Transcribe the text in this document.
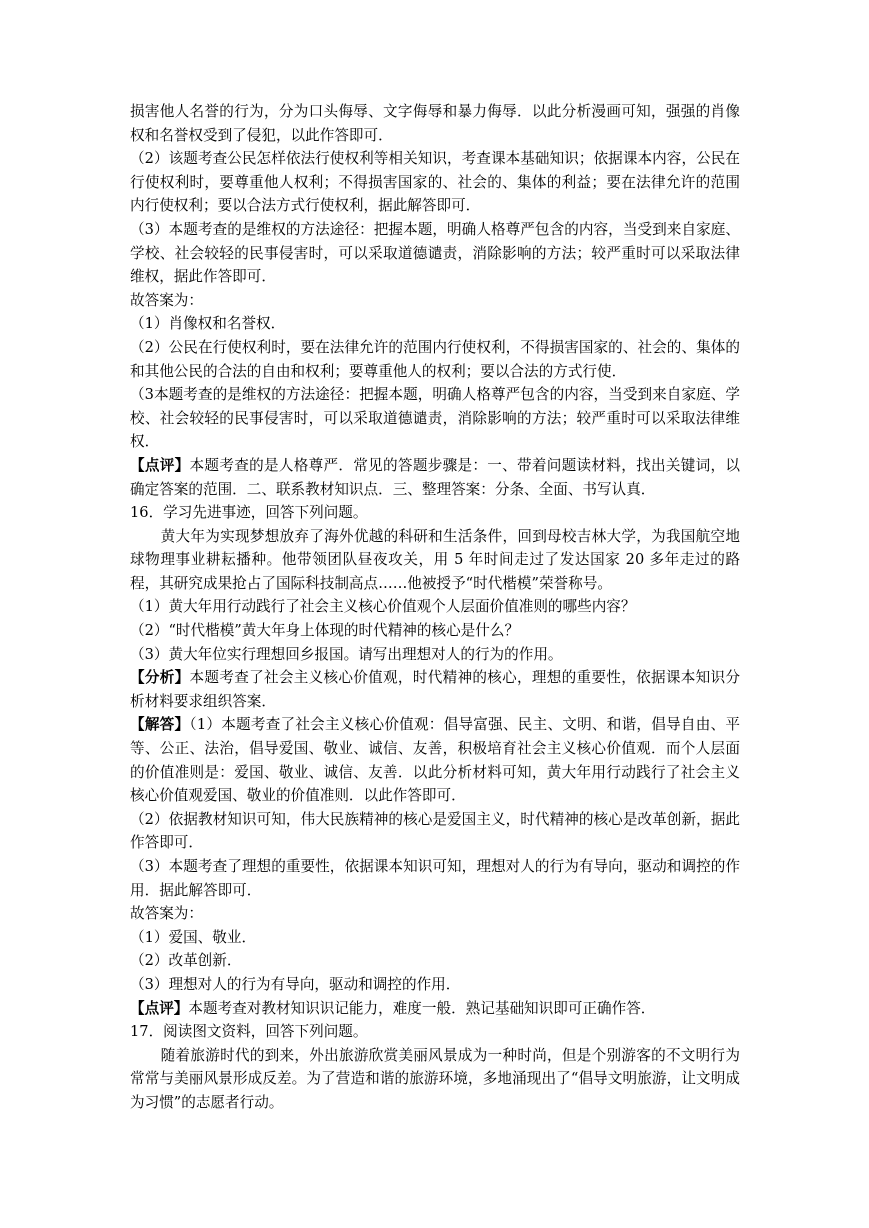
损害他人名誉的行为，分为口头侮辱、文字侮辱和暴力侮辱．以此分析漫画可知，强强的肖像权和名誉权受到了侵犯，以此作答即可．

（2）该题考查公民怎样依法行使权利等相关知识，考查课本基础知识；依据课本内容，公民在行使权利时，要尊重他人权利；不得损害国家的、社会的、集体的利益；要在法律允许的范围内行使权利；要以合法方式行使权利，据此解答即可．

（3）本题考查的是维权的方法途径：把握本题，明确人格尊严包含的内容，当受到来自家庭、学校、社会较轻的民事侵害时，可以采取道德谴责，消除影响的方法；较严重时可以采取法律维权，据此作答即可．

故答案为：

（1）肖像权和名誉权．

（2）公民在行使权利时，要在法律允许的范围内行使权利，不得损害国家的、社会的、集体的和其他公民的合法的自由和权利；要尊重他人的权利；要以合法的方式行使．

（3本题考查的是维权的方法途径：把握本题，明确人格尊严包含的内容，当受到来自家庭、学校、社会较轻的民事侵害时，可以采取道德谴责，消除影响的方法；较严重时可以采取法律维权．

【点评】本题考查的是人格尊严．常见的答题步骤是：一、带着问题读材料，找出关键词，以确定答案的范围．二、联系教材知识点．三、整理答案：分条、全面、书写认真．

16．学习先进事迹，回答下列问题。

黄大年为实现梦想放弃了海外优越的科研和生活条件，回到母校吉林大学，为我国航空地球物理事业耕耘播种。他带领团队昼夜攻关，用 5 年时间走过了发达国家 20 多年走过的路程，其研究成果抢占了国际科技制高点……他被授予“时代楷模”荣誉称号。

（1）黄大年用行动践行了社会主义核心价值观个人层面价值准则的哪些内容？

（2）“时代楷模”黄大年身上体现的时代精神的核心是什么？

（3）黄大年位实行理想回乡报国。请写出理想对人的行为的作用。

【分析】本题考查了社会主义核心价值观，时代精神的核心，理想的重要性，依据课本知识分析材料要求组织答案．

【解答】（1）本题考查了社会主义核心价值观：倡导富强、民主、文明、和谐，倡导自由、平等、公正、法治，倡导爱国、敬业、诚信、友善，积极培育社会主义核心价值观．而个人层面的价值准则是：爱国、敬业、诚信、友善．以此分析材料可知，黄大年用行动践行了社会主义核心价值观爱国、敬业的价值准则．以此作答即可．

（2）依据教材知识可知，伟大民族精神的核心是爱国主义，时代精神的核心是改革创新，据此作答即可．

（3）本题考查了理想的重要性，依据课本知识可知，理想对人的行为有导向，驱动和调控的作用．据此解答即可．

故答案为：

（1）爱国、敬业．

（2）改革创新．

（3）理想对人的行为有导向，驱动和调控的作用．

【点评】本题考查对教材知识识记能力，难度一般．熟记基础知识即可正确作答．

17．阅读图文资料，回答下列问题。

随着旅游时代的到来，外出旅游欣赏美丽风景成为一种时尚，但是个别游客的不文明行为常常与美丽风景形成反差。为了营造和谐的旅游环境，多地涌现出了“倡导文明旅游，让文明成为习惯”的志愿者行动。
